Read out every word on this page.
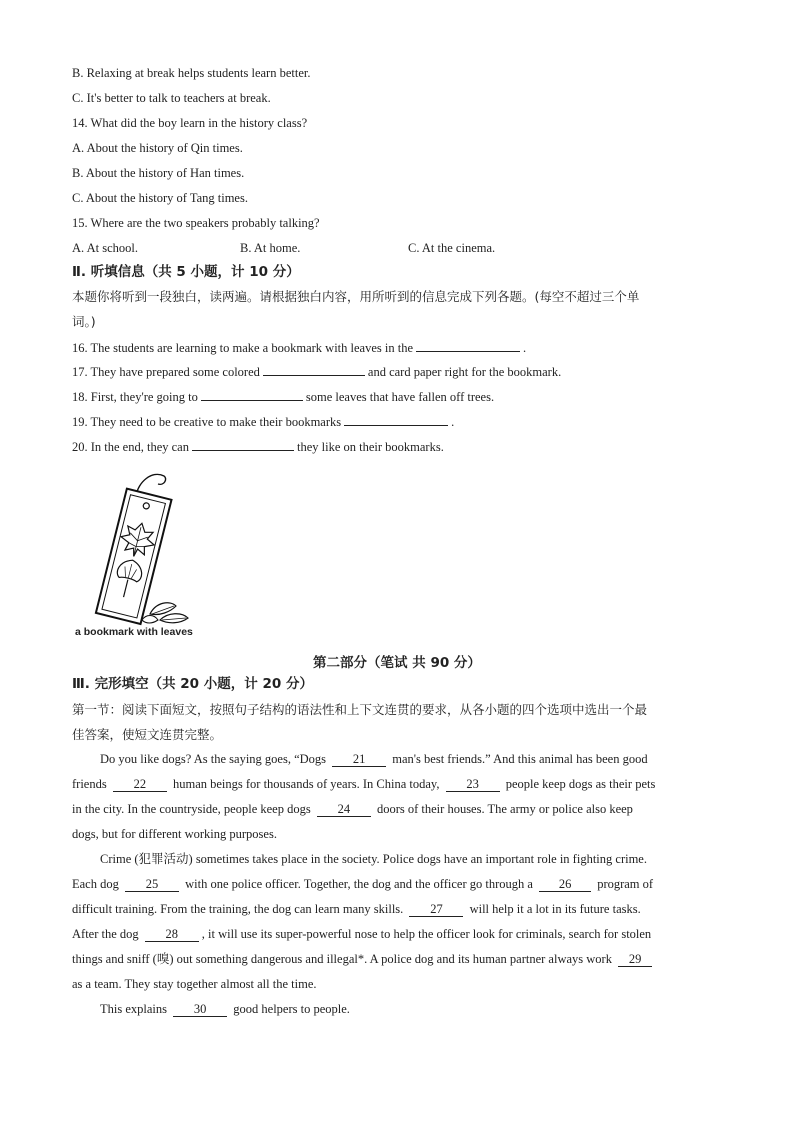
B. Relaxing at break helps students learn better.
C. It's better to talk to teachers at break.
14. What did the boy learn in the history class?
A. About the history of Qin times.
B. About the history of Han times.
C. About the history of Tang times.
15. Where are the two speakers probably talking?
A. At school.	B. At home.	C. At the cinema.
Ⅱ. 听填信息（共 5 小题，计 10 分）
本题你将听到一段独白，读两遍。请根据独白内容，用所听到的信息完成下列各题。(每空不超过三个单
词。)
16. The students are learning to make a bookmark with leaves in the	.
17. They have prepared some colored	and card paper right for the bookmark.
18. First, they're going to	some leaves that have fallen off trees.
19. They need to be creative to make their bookmarks	.
20. In the end, they can	they like on their bookmarks.
a bookmark with leaves
第二部分（笔试 共 90 分）
Ⅲ. 完形填空（共 20 小题，计 20 分）
第一节：阅读下面短文，按照句子结构的语法性和上下文连贯的要求，从各小题的四个选项中选出一个最
佳答案，使短文连贯完整。
Do you like dogs? As the saying goes, “Dogs 21 man's best friends.” And this animal has been good
friends 22 human beings for thousands of years. In China today, 23 people keep dogs as their pets
in the city. In the countryside, people keep dogs 24 doors of their houses. The army or police also keep
dogs, but for different working purposes.
Crime (犯罪活动) sometimes takes place in the society. Police dogs have an important role in fighting crime.
Each dog 25 with one police officer. Together, the dog and the officer go through a 26 program of
difficult training. From the training, the dog can learn many skills. 27 will help it a lot in its future tasks.
After the dog 28 , it will use its super-powerful nose to help the officer look for criminals, search for stolen
things and sniff (嗅) out something dangerous and illegal*. A police dog and its human partner always work 29
as a team. They stay together almost all the time.
This explains 30 good helpers to people.
